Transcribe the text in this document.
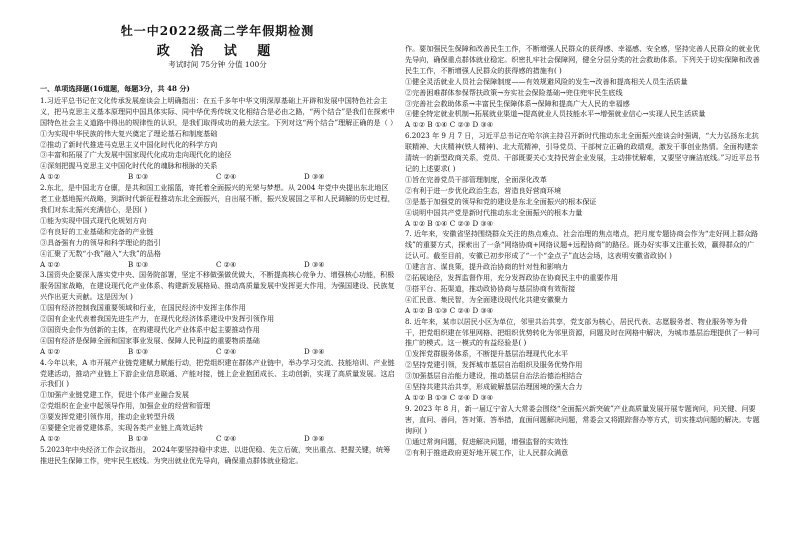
牡一中2022级高二学年假期检测
政 治 试 题
考试时间 75分钟 分值 100分

一、单项选择题(16道题，每题3分，共 48 分)

1.习近平总书记在文化传承发展座谈会上明确指出：在五千多年中华文明深厚基础上开辟和发展中国特色社会主义，把马克思主义基本原理同中国具体实际、同中华优秀传统文化相结合是必由之路，“两个结合”是我们在探索中国特色社会主义道路中得出的规律性的认识，是我们取得成功的最大法宝。下列对这“两个结合”理解正确的是（ ）

①为实现中华民族的伟大复兴奠定了理论基石和制度基础

②推动了新时代推进马克思主义中国化时代化的科学方向

③丰富和拓展了广大发展中国家现代化成功走向现代化的途径

④深刻把握马克思主义中国化时代化的魂脉和根脉的关系

A ①②	B ①③	C ②④	D ③④

2.东北，是中国北方仓廪，是共和国工业摇篮，寄托着全面振兴的光荣与梦想。从 2004 年党中央提出东北地区老工业基地振兴战略，到新时代新征程推动东北全面振兴，自出展不断，振兴发展国之平和人民调解的历史过程，我们对东北振兴充满信心，是因( )

①能为实现中国式现代化规划方向

②有良好的工业基础和完备的产业链

③具备强有力的领导和科学理论的指引

④汇聚了无数“小我”融入“大我”的品格

A ①②	B ①③	C ②④	D ③④

3.国资央企要深入落实党中央、国务院部署，坚定不移做强做优做大，不断提高核心竞争力、增强核心功能，积极服务国家战略，在建设现代化产业体系、构建新发展格局、推动高质量发展中发挥更大作用，为强国建设、民族复兴作出更大贡献。这是因为( )

①国有经济控制我国重要领域和行业，在国民经济中发挥主体作用

②国有企业代表着我国先进生产力，在现代化经济体系建设中发挥引领作用

③国资央企作为创新的主体，在构建现代化产业体系中起主要推动作用

④国有经济是保障全面和国家事业发展、保障人民利益的重要物质基础

A ①②	B ①③	C ②④	D ③④

4.今年以来，A 市开展产业链党建赋力赋能行动，把党组织建在群体产业链中，举办学习交流、技能培训、产业链党建活动，推动产业链上下游企业信息联通、产能对接，链上企业抱团成长、主动创新，实现了高质量发展。这启示我们( )

①加强产业链党建工作，促进个体产业融合发展

②党组织在企业中起领导作用，加强企业的经营和管理

③要发挥党建引领作用，推动企业转型升级

④要健全完善党建体系，实现各类产业链上高效运转

A ①②	B ①③	C ②④	D ③④

5.2023年中央经济工作会议指出， 2024年要坚持稳中求进、以进促稳、先立后破，突出重点、把握关键，统筹推进民生保障工作，兜牢民生底线。为突出就业优先导向，确保重点群体就业稳定。

作。要加强民生保障和改善民生工作，不断增强人民群众的获得感、幸福感、安全感，坚持完善人民群众的就业优先导向，确保重点群体就业稳定。织密扎牢社会保障网，健全分层分类的社会救助体系。下列关于切实保障和改善民生工作，不断增强人民群众的获得感的措施有( )

①健全灵活就业人员社会保障制度——有效规避风险的发生→改善和提高相关人员生活质量

②完善困难群体参保帮扶政策→夯实社会保险基础→兜住兜牢民生底线

③完善社会救助体系→丰富民生保障体系→保障和提高广大人民的幸福感

④健全特定就业机制→拓展就业渠道→提高就业人员技能水平→增强就业信心→实现人民生活质量

A ①② B ①④ C ②③ D ③④

6.2023 年 9 月 7 日，习近平总书记在哈尔滨主持召开新时代推动东北全面振兴座谈会时强调，“大力弘扬东北抗联精神、大庆精神(铁人精神)、北大荒精神，引导党员、干部树立正确的政绩观，激发干事创业热情。全面构建亲清统一的新型政商关系，党员、干部既要关心支持民营企业发展，主动排忧解难，又要坚守廉洁底线。”习近平总书记的上述要求( )

①旨在完善党员干部管理制度，全面深化改革

②有利于进一步优化政治生态，营造良好营商环境

③是基于加强党的领导和党的建设是东北全面振兴的根本保证

④说明中国共产党是新时代推动东北全面振兴的根本力量

A ①② B ①④ C ②③ D ③④

7. 近年来，安徽省坚持围绕群众关注的热点难点、社会治理的焦点堵点，把月度专题协商会作为“走好网上群众路线”的重要方式，探索出了一条“网络协商+网络议题+远程协商”的路径。既办好实事又注重长效，赢得群众的广泛认可。截至目前，安徽已初步形成了“一个“金点子”直达会场，这表明安徽省政协( )

①建言言、谋良策，提升政治协商的针对性和影响力

②拓展途径，发挥监督作用，充分发挥政协在协商民主中的重要作用

③搭平台、拓渠道，推动政协协商与基层协商有效衔接

④汇民意、集民智，为全面建设现代化共建安徽聚力

A ①② B ①③ C ②④ D ③④

8. 近年来，某市以居民小区为单位，邻里共治共享，党支部为核心，居民代表、志愿服务者、物业服务等为骨干，把党组织建在邻里网格、把组织优势转化为邻里资源，问题及时在网格中解决，为城市基层治理提供了一种可推广的模式。这一模式的有益经验是( )

①发挥党群服务体系，不断提升基层治理现代化水平

②坚持党建引领，发挥城市基层自治组织及服务优势作用

③加强基层自治能力建设，推动基层自治法治德治相结合

④坚持共建共治共享，形成破解基层治理困境的强大合力

A ①② B ①③ C ②④ D ③④

9. 2023 年 8 月，新一届辽宁省人大常委会围绕“全面振兴新突破”产业高质量发展开展专题询问，问关键、问要害，直问、善问，答对策、答举措，直面问题解决问题，常委会又将跟踪督办等方式，切实推动问题的解决。专题询问( )

①通过常询问题，促进解决问题，增强监督的实效性

②有利于推进政府更好地开展工作，让人民群众满意
